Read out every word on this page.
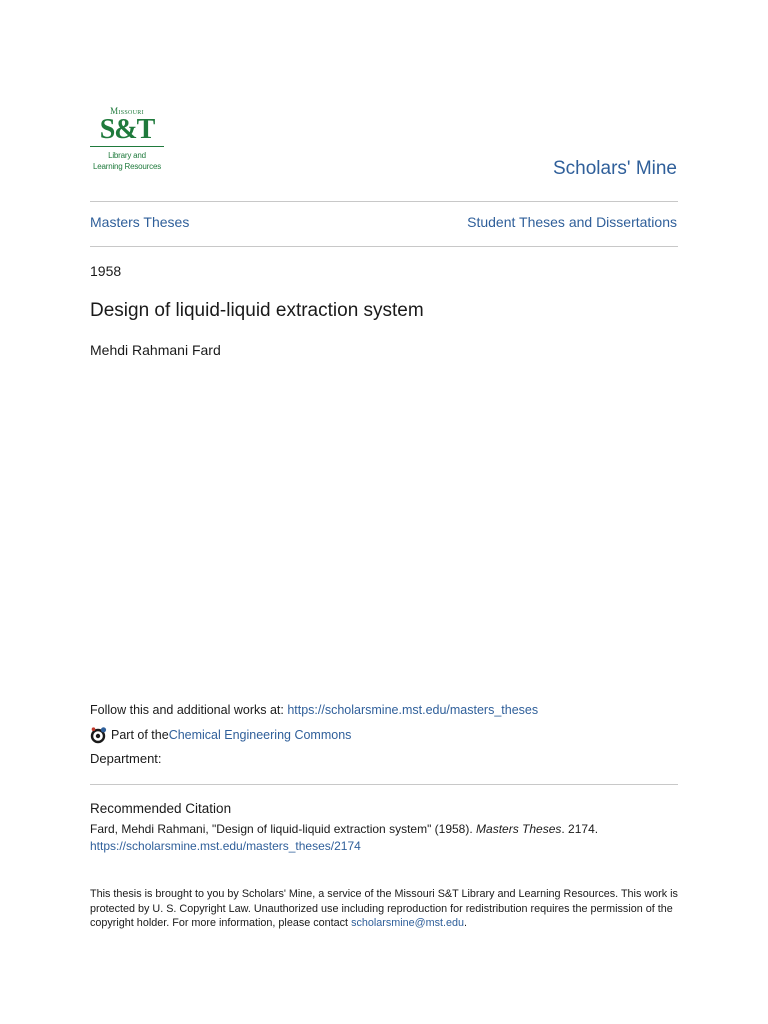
Missouri
S&T
Library and
Learning Resources	Scholars' Mine
Masters Theses	Student Theses and Dissertations
1958
Design of liquid-liquid extraction system
Mehdi Rahmani Fard
Follow this and additional works at: https://scholarsmine.mst.edu/masters_theses
Part of the Chemical Engineering Commons
Department:
Recommended Citation
Fard, Mehdi Rahmani, "Design of liquid-liquid extraction system" (1958). Masters Theses. 2174.
https://scholarsmine.mst.edu/masters_theses/2174
This thesis is brought to you by Scholars' Mine, a service of the Missouri S&T Library and Learning Resources. This work is protected by U. S. Copyright Law. Unauthorized use including reproduction for redistribution requires the permission of the copyright holder. For more information, please contact scholarsmine@mst.edu.
